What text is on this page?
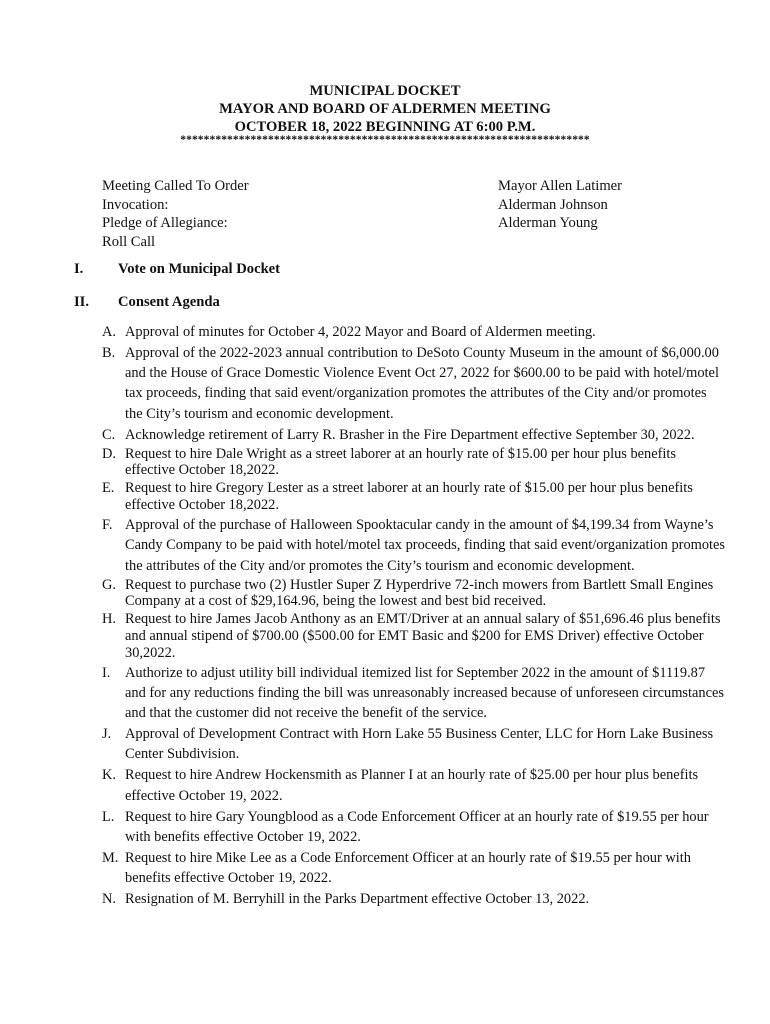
MUNICIPAL DOCKET
MAYOR AND BOARD OF ALDERMEN MEETING
OCTOBER 18, 2022 BEGINNING AT 6:00 P.M.
**********************************************************************
Meeting Called To Order
Invocation:
Pledge of Allegiance:
Roll Call
Mayor Allen Latimer
Alderman Johnson
Alderman Young
I. Vote on Municipal Docket
II. Consent Agenda
A. Approval of minutes for October 4, 2022 Mayor and Board of Aldermen meeting.
B. Approval of the 2022-2023 annual contribution to DeSoto County Museum in the amount of $6,000.00 and the House of Grace Domestic Violence Event Oct 27, 2022 for $600.00 to be paid with hotel/motel tax proceeds, finding that said event/organization promotes the attributes of the City and/or promotes the City’s tourism and economic development.
C. Acknowledge retirement of Larry R. Brasher in the Fire Department effective September 30, 2022.
D. Request to hire Dale Wright as a street laborer at an hourly rate of $15.00 per hour plus benefits effective October 18,2022.
E. Request to hire Gregory Lester as a street laborer at an hourly rate of $15.00 per hour plus benefits effective October 18,2022.
F. Approval of the purchase of Halloween Spooktacular candy in the amount of $4,199.34 from Wayne’s Candy Company to be paid with hotel/motel tax proceeds, finding that said event/organization promotes the attributes of the City and/or promotes the City’s tourism and economic development.
G. Request to purchase two (2) Hustler Super Z Hyperdrive 72-inch mowers from Bartlett Small Engines Company at a cost of $29,164.96, being the lowest and best bid received.
H. Request to hire James Jacob Anthony as an EMT/Driver at an annual salary of $51,696.46 plus benefits and annual stipend of $700.00 ($500.00 for EMT Basic and $200 for EMS Driver) effective October 30,2022.
I. Authorize to adjust utility bill individual itemized list for September 2022 in the amount of $1119.87 and for any reductions finding the bill was unreasonably increased because of unforeseen circumstances and that the customer did not receive the benefit of the service.
J. Approval of Development Contract with Horn Lake 55 Business Center, LLC for Horn Lake Business Center Subdivision.
K. Request to hire Andrew Hockensmith as Planner I at an hourly rate of $25.00 per hour plus benefits effective October 19, 2022.
L. Request to hire Gary Youngblood as a Code Enforcement Officer at an hourly rate of $19.55 per hour with benefits effective October 19, 2022.
M. Request to hire Mike Lee as a Code Enforcement Officer at an hourly rate of $19.55 per hour with benefits effective October 19, 2022.
N. Resignation of M. Berryhill in the Parks Department effective October 13, 2022.
